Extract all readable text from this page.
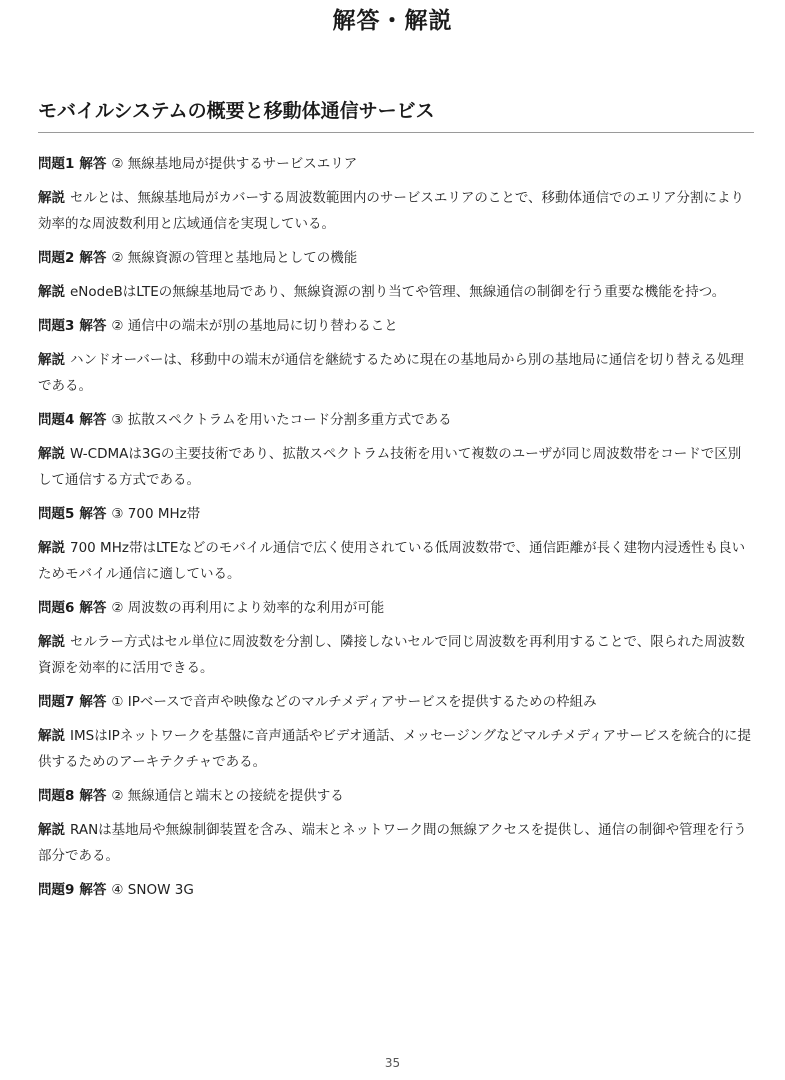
解答・解説
モバイルシステムの概要と移動体通信サービス

問題1 解答 ② 無線基地局が提供するサービスエリア

解説 セルとは、無線基地局がカバーする周波数範囲内のサービスエリアのことで、移動体通信でのエリア分割により効率的な周波数利用と広域通信を実現している。

問題2 解答 ② 無線資源の管理と基地局としての機能

解説 eNodeBはLTEの無線基地局であり、無線資源の割り当てや管理、無線通信の制御を行う重要な機能を持つ。

問題3 解答 ② 通信中の端末が別の基地局に切り替わること

解説 ハンドオーバーは、移動中の端末が通信を継続するために現在の基地局から別の基地局に通信を切り替える処理である。

問題4 解答 ③ 拡散スペクトラムを用いたコード分割多重方式である

解説 W-CDMAは3Gの主要技術であり、拡散スペクトラム技術を用いて複数のユーザが同じ周波数帯をコードで区別して通信する方式である。

問題5 解答 ③ 700 MHz帯

解説 700 MHz帯はLTEなどのモバイル通信で広く使用されている低周波数帯で、通信距離が長く建物内浸透性も良いためモバイル通信に適している。

問題6 解答 ② 周波数の再利用により効率的な利用が可能

解説 セルラー方式はセル単位に周波数を分割し、隣接しないセルで同じ周波数を再利用することで、限られた周波数資源を効率的に活用できる。

問題7 解答 ① IPベースで音声や映像などのマルチメディアサービスを提供するための枠組み

解説 IMSはIPネットワークを基盤に音声通話やビデオ通話、メッセージングなどマルチメディアサービスを統合的に提供するためのアーキテクチャである。

問題8 解答 ② 無線通信と端末との接続を提供する

解説 RANは基地局や無線制御装置を含み、端末とネットワーク間の無線アクセスを提供し、通信の制御や管理を行う部分である。

問題9 解答 ④ SNOW 3G

35
